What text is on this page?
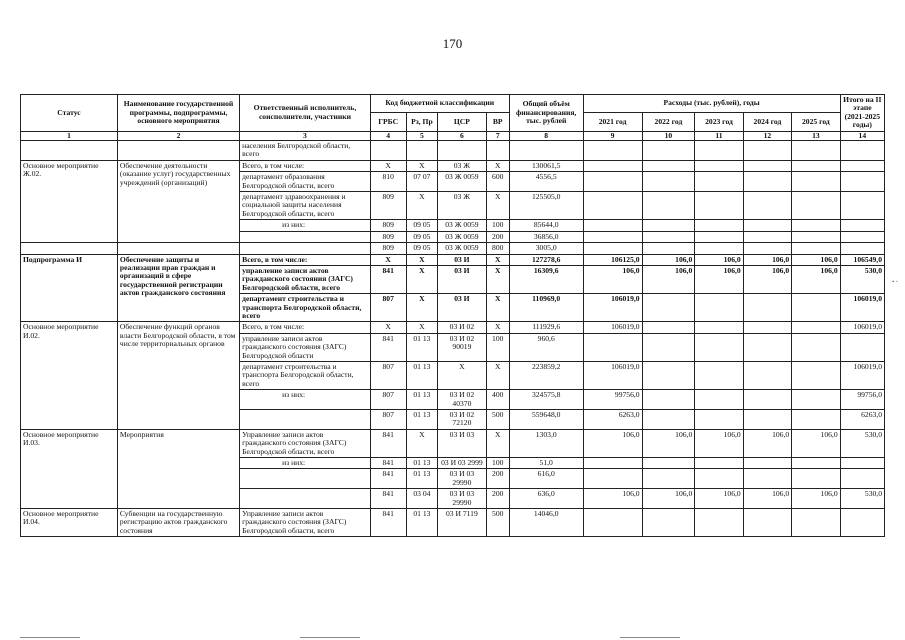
170
Статус	Наименование государственной программы, подпрограммы, основного мероприятия	Ответственный исполнитель, соисполнители, участники	Код бюджетной классификации				Общий объём финансирования, тыс. рублей	Расходы (тыс. рублей), годы					Итого на II этапе (2021-2025 годы)
			ГРБС	Рз, Пр	ЦСР	ВР		2021 год	2022 год	2023 год	2024 год	2025 год	
1	2	3	4	5	6	7	8	9	10	11	12	13	14
		населения Белгородской области, всего											
Основное мероприятие Ж.02.	Обеспечение деятельности (оказание услуг) государственных учреждений (организаций)	Всего, в том числе:	Х	Х	03 Ж	Х	130061,5						
		департамент образования Белгородской области, всего	810	07 07	03 Ж 0059	600	4556,5						
		департамент здравоохранения и социальной защиты населения Белгородской области, всего	809	Х	03 Ж	Х	125505,0						
		из них:	809	09 05	03 Ж 0059	100	85644,0						
			809	09 05	03 Ж 0059	200	36856,0						
			809	09 05	03 Ж 0059	800	3005,0						
Подпрограмма И	Обеспечение защиты и реализации прав граждан и организаций в сфере государственной регистрации актов гражданского состояния	Всего, в том числе:	Х	Х	03 И	Х	127278,6	106125,0	106,0	106,0	106,0	106,0	106549,0
		управление записи актов гражданского состояния (ЗАГС) Белгородской области, всего	841	Х	03 И	Х	16309,6	106,0	106,0	106,0	106,0	106,0	530,0
		департамент строительства и транспорта Белгородской области, всего	807	Х	03 И	Х	110969,0	106019,0					106019,0
Основное мероприятие И.02.	Обеспечение функций органов власти Белгородской области, в том числе территориальных органов	Всего, в том числе:	Х	Х	03 И 02	Х	111929,6	106019,0					106019,0
		управление записи актов гражданского состояния (ЗАГС) Белгородской области	841	01 13	03 И 02 90019	100	960,6						
		департамент строительства и транспорта Белгородской области, всего	807	01 13	Х	Х	223859,2	106019,0					106019,0
		из них:	807	01 13	03 И 02 40370	400	324575,8	99756,0					99756,0
			807	01 13	03 И 02 72120	500	559648,0	6263,0					6263,0
Основное мероприятие И.03.	Мероприятия	Управление записи актов гражданского состояния (ЗАГС) Белгородской области, всего	841	Х	03 И 03	Х	1303,0	106,0	106,0	106,0	106,0	106,0	530,0
		из них:	841	01 13	03 И 03 2999	100	51,0						
			841	01 13	03 И 03 29990	200	616,0						
			841	03 04	03 И 03 29990	200	636,0	106,0	106,0	106,0	106,0	106,0	530,0
Основное мероприятие И.04.	Субвенции на государственную регистрацию актов гражданского состояния	Управление записи актов гражданского состояния (ЗАГС) Белгородской области, всего	841	01 13	03 И 7119	500	14046,0						
;
